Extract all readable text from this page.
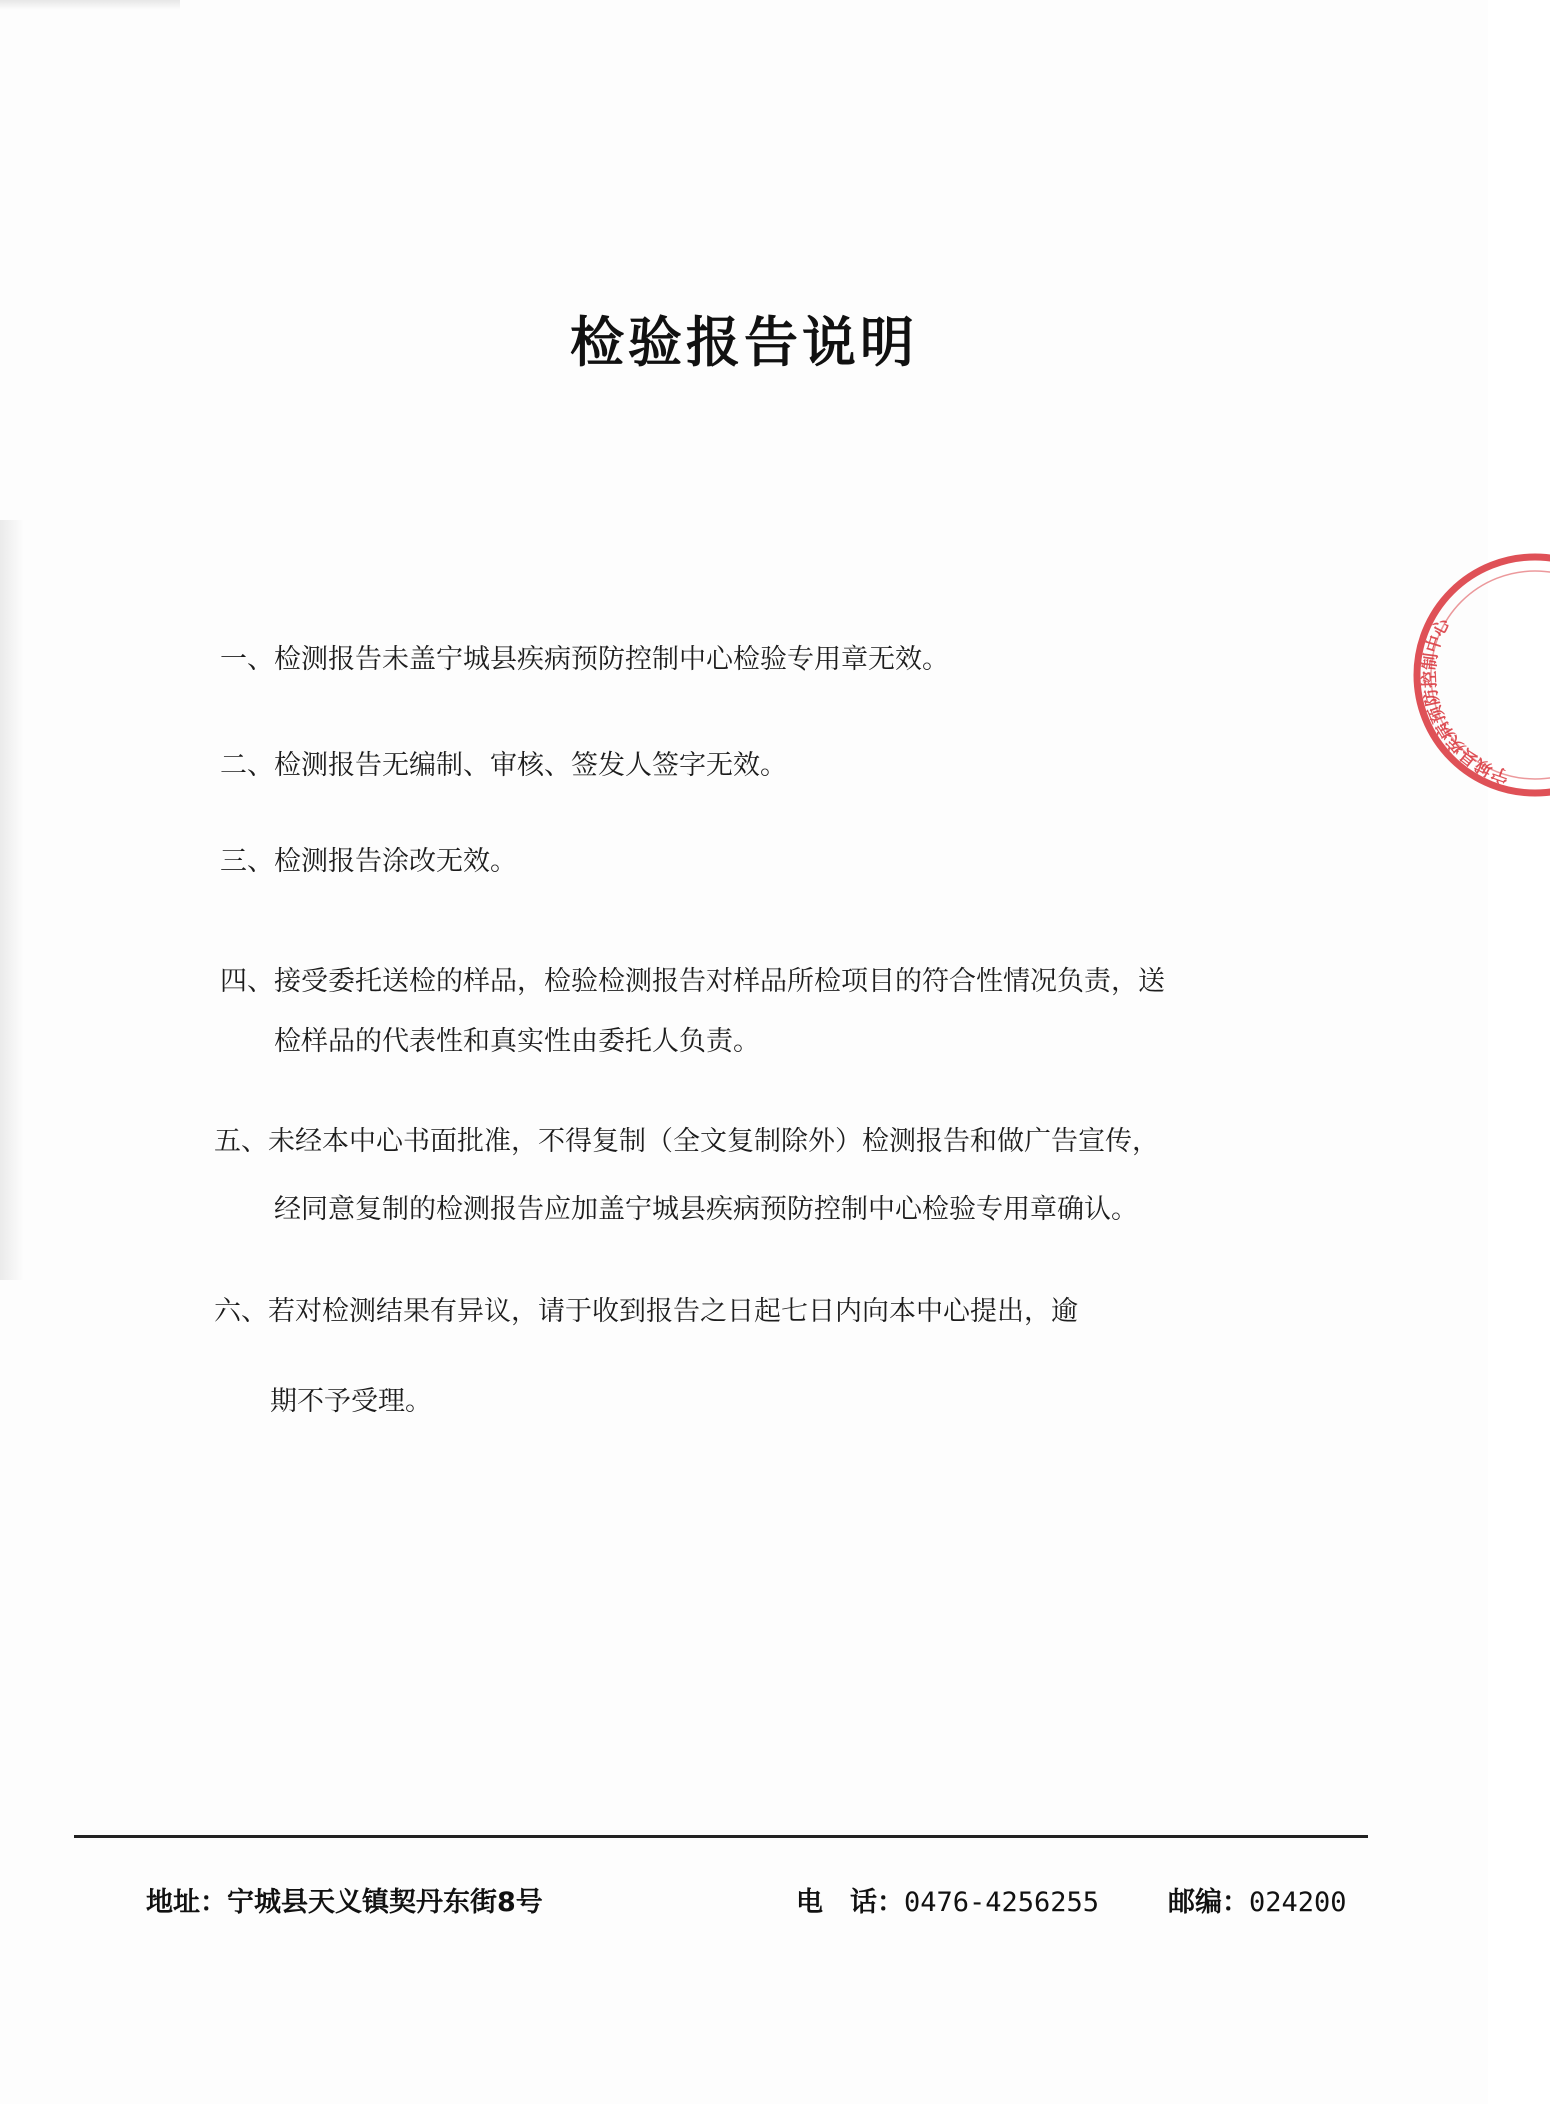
检验报告说明
一、检测报告未盖宁城县疾病预防控制中心检验专用章无效。
二、检测报告无编制、审核、签发人签字无效。
三、检测报告涂改无效。
四、接受委托送检的样品，检验检测报告对样品所检项目的符合性情况负责，送
检样品的代表性和真实性由委托人负责。
五、未经本中心书面批准，不得复制（全文复制除外）检测报告和做广告宣传，
经同意复制的检测报告应加盖宁城县疾病预防控制中心检验专用章确认。
六、若对检测结果有异议，请于收到报告之日起七日内向本中心提出，逾
期不予受理。
地址：宁城县天义镇契丹东街8号	电　话：0476-4256255	邮编：024200
宁城县疾病预防控制中心
